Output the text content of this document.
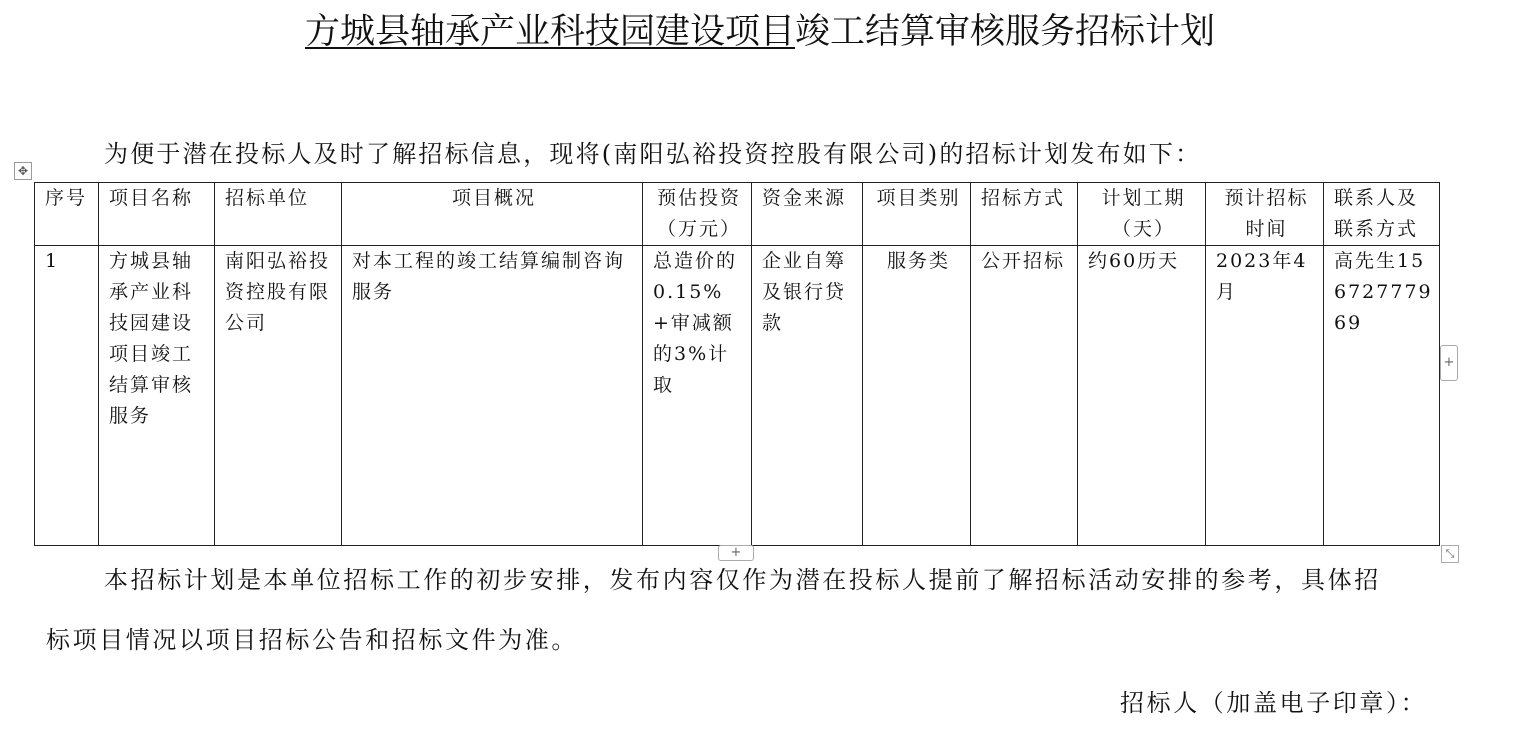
方城县轴承产业科技园建设项目竣工结算审核服务招标计划
为便于潜在投标人及时了解招标信息，现将(南阳弘裕投资控股有限公司)的招标计划发布如下：
✥
序号	项目名称	招标单位	项目概况	预估投资（万元）	资金来源	项目类别	招标方式	计划工期（天）	预计招标时间	联系人及联系方式
1	方城县轴承产业科技园建设项目竣工结算审核服务	南阳弘裕投资控股有限公司	对本工程的竣工结算编制咨询服务	总造价的0.15%+审减额的3%计取	企业自筹及银行贷款	服务类	公开招标	约60历天	2023年4月	高先生15672777969
+
+	⤡
本招标计划是本单位招标工作的初步安排，发布内容仅作为潜在投标人提前了解招标活动安排的参考，具体招
标项目情况以项目招标公告和招标文件为准。
招标人（加盖电子印章）：
